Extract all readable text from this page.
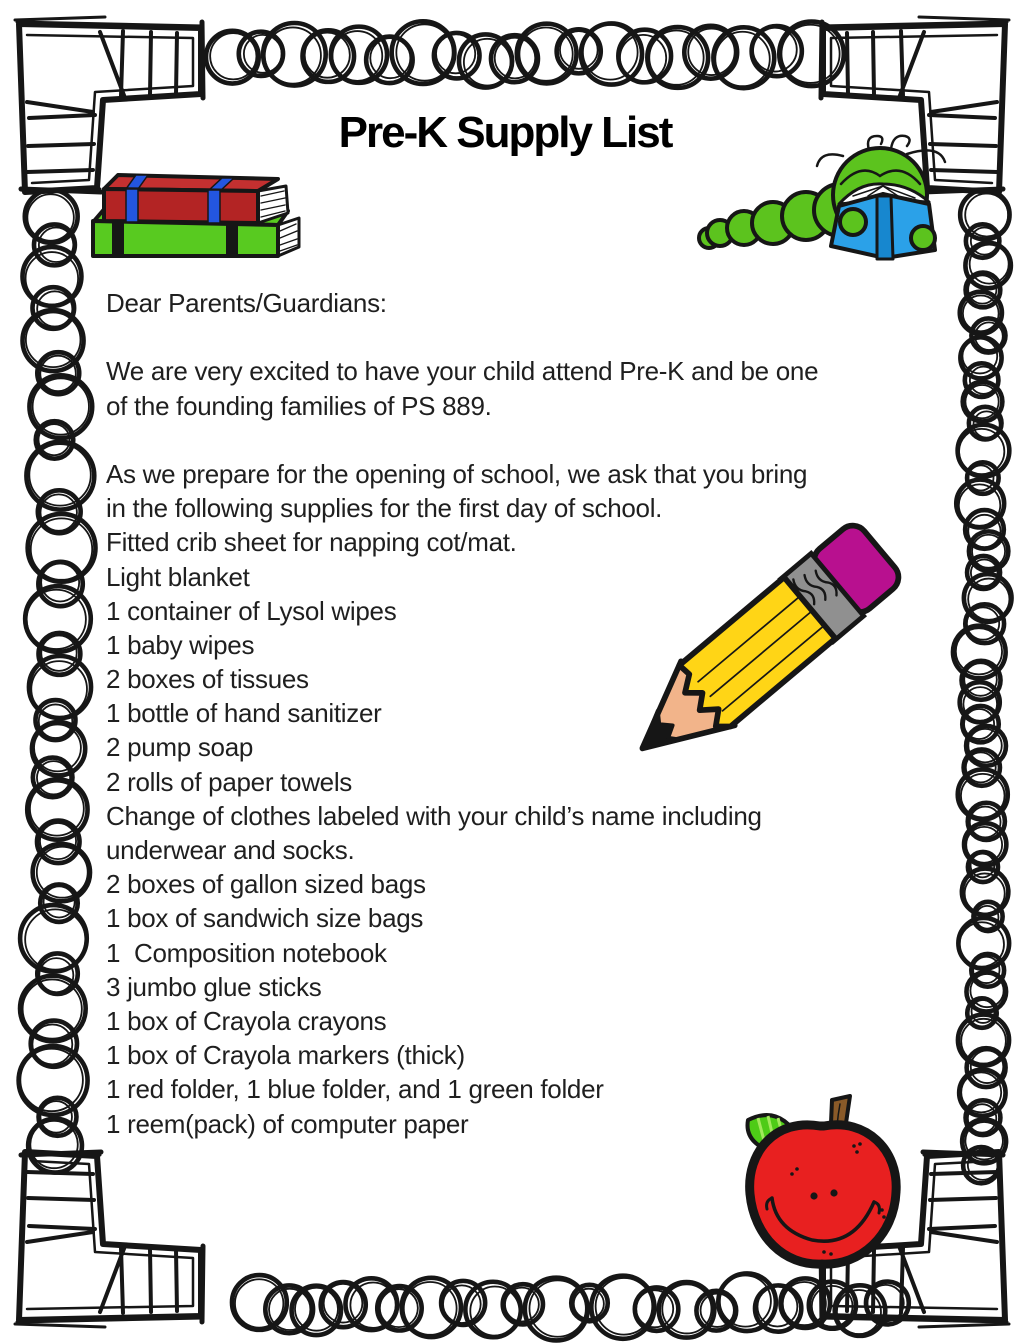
Pre-K Supply List
Dear Parents/Guardians:

We are very excited to have your child attend Pre-K and be one
of the founding families of PS 889.

As we prepare for the opening of school, we ask that you bring
in the following supplies for the first day of school.
Fitted crib sheet for napping cot/mat.
Light blanket
1 container of Lysol wipes
1 baby wipes
2 boxes of tissues
1 bottle of hand sanitizer
2 pump soap
2 rolls of paper towels
Change of clothes labeled with your child’s name including
underwear and socks.
2 boxes of gallon sized bags
1 box of sandwich size bags
1  Composition notebook
3 jumbo glue sticks
1 box of Crayola crayons
1 box of Crayola markers (thick)
1 red folder, 1 blue folder, and 1 green folder
1 reem(pack) of computer paper
